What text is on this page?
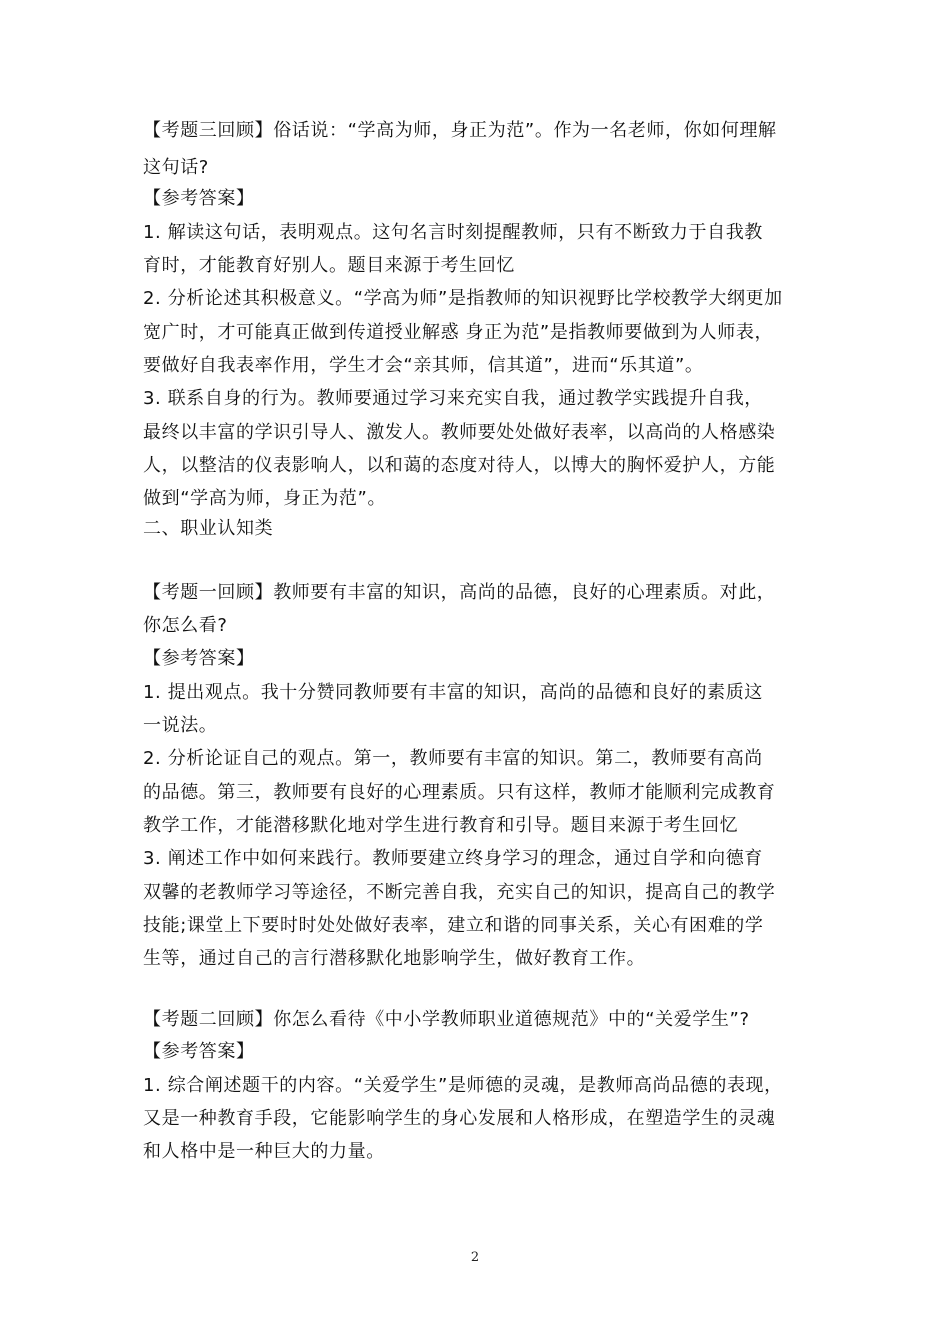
【考题三回顾】俗话说：“学高为师，身正为范”。作为一名老师，你如何理解
这句话?
【参考答案】
1. 解读这句话，表明观点。这句名言时刻提醒教师，只有不断致力于自我教
育时，才能教育好别人。题目来源于考生回忆
2. 分析论述其积极意义。“学高为师”是指教师的知识视野比学校教学大纲更加
宽广时，才可能真正做到传道授业解惑 身正为范”是指教师要做到为人师表，
要做好自我表率作用，学生才会“亲其师，信其道”，进而“乐其道”。
3. 联系自身的行为。教师要通过学习来充实自我，通过教学实践提升自我，
最终以丰富的学识引导人、激发人。教师要处处做好表率，以高尚的人格感染
人，以整洁的仪表影响人，以和蔼的态度对待人，以博大的胸怀爱护人，方能
做到“学高为师，身正为范”。
二、职业认知类
【考题一回顾】教师要有丰富的知识，高尚的品德，良好的心理素质。对此，
你怎么看?
【参考答案】
1. 提出观点。我十分赞同教师要有丰富的知识，高尚的品德和良好的素质这
一说法。
2. 分析论证自己的观点。第一，教师要有丰富的知识。第二，教师要有高尚
的品德。第三，教师要有良好的心理素质。只有这样，教师才能顺利完成教育
教学工作，才能潜移默化地对学生进行教育和引导。题目来源于考生回忆
3. 阐述工作中如何来践行。教师要建立终身学习的理念，通过自学和向德育
双馨的老教师学习等途径，不断完善自我，充实自己的知识，提高自己的教学
技能;课堂上下要时时处处做好表率，建立和谐的同事关系，关心有困难的学
生等，通过自己的言行潜移默化地影响学生，做好教育工作。
【考题二回顾】你怎么看待《中小学教师职业道德规范》中的“关爱学生”?
【参考答案】
1. 综合阐述题干的内容。“关爱学生”是师德的灵魂，是教师高尚品德的表现，
又是一种教育手段，它能影响学生的身心发展和人格形成，在塑造学生的灵魂
和人格中是一种巨大的力量。
2
